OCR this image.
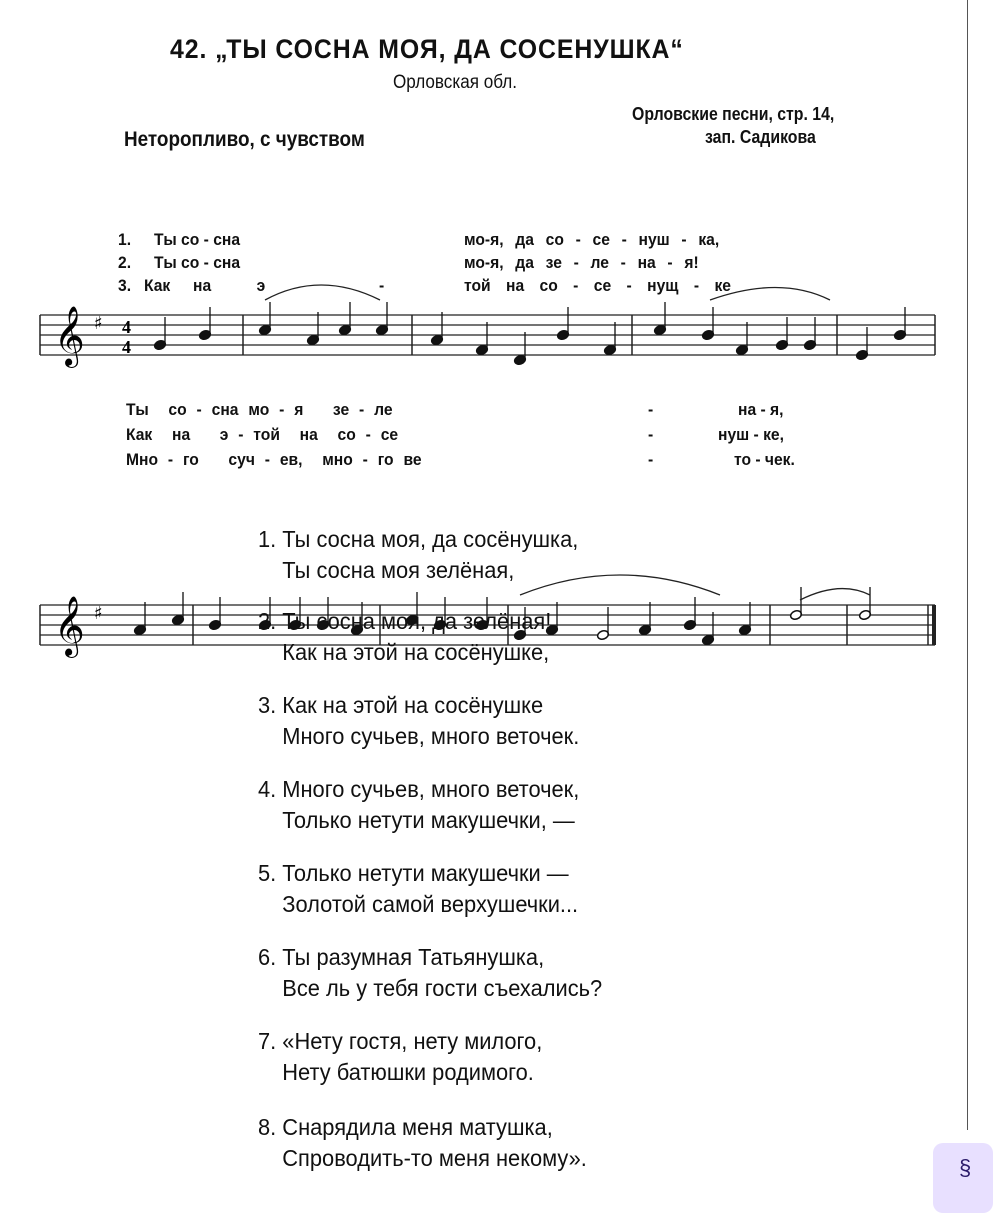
42. „ТЫ СОСНА МОЯ, ДА СОСЕНУШКА“
Орловская обл.
Орловские песни, стр. 14,
зап. Садикова
Неторопливо, с чувством
𝄞 ♯ 4
4
𝄞 ♯
1. Ты со - сна	мо-я, да со - се - нуш - ка,
2. Ты со - сна	мо-я, да зе - ле - на - я!
3. Как на  э     -	той на со - се - нущ - ке
Ты  со - сна мо - я   зе - ле	-	на - я,
Как  на   э - той  на  со - се	-	нуш - ке,
Мно - го   суч - ев,  мно - го ве	-	то - чек.
1. Ты сосна моя, да сосёнушка,
Ты сосна моя зелёная,
2. Ты сосна моя, да зелёная!
Как на этой на сосёнушке,
3. Как на этой на сосёнушке
Много сучьев, много веточек.
4. Много сучьев, много веточек,
Только нетути макушечки, —
5. Только нетути макушечки —
Золотой самой верхушечки...
6. Ты разумная Татьянушка,
Все ль у тебя гости съехались?
7. «Нету гостя, нету милого,
Нету батюшки родимого.
8. Снарядила меня матушка,
Спроводить-то меня некому».	§
